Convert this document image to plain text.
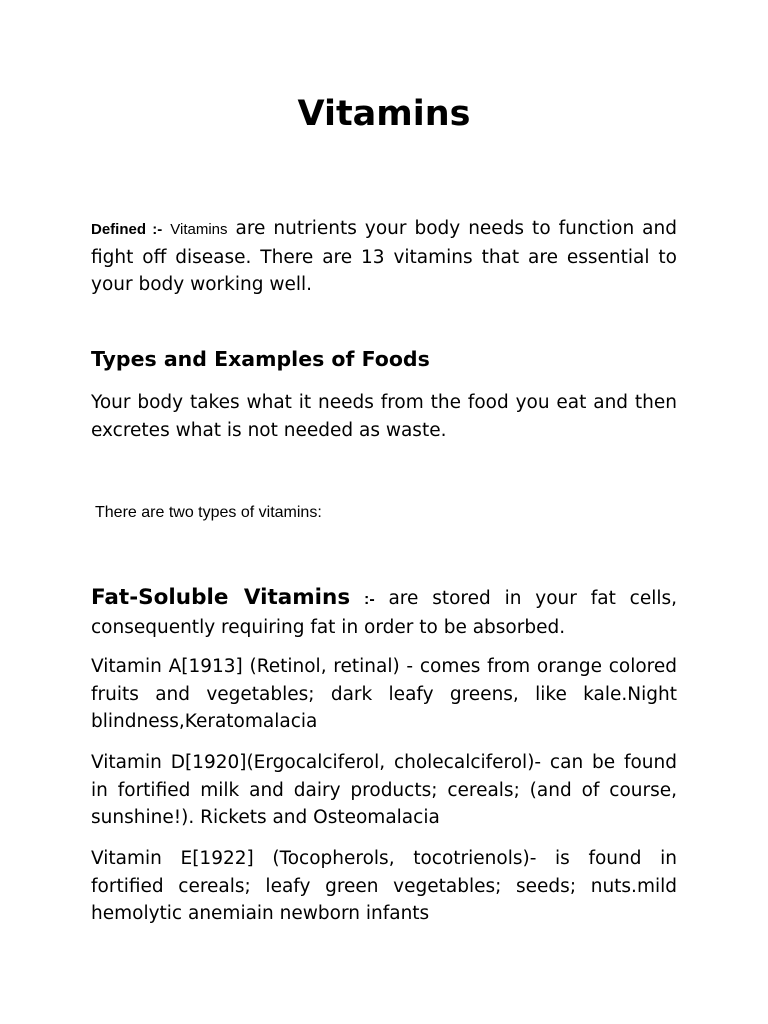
Vitamins

Defined :- Vitamins are nutrients your body needs to function and fight off disease. There are 13 vitamins that are essential to your body working well.

Types and Examples of Foods

Your body takes what it needs from the food you eat and then excretes what is not needed as waste.

There are two types of vitamins:

Fat-Soluble Vitamins :- are stored in your fat cells, consequently requiring fat in order to be absorbed.

Vitamin A[1913] (Retinol, retinal) - comes from orange colored fruits and vegetables; dark leafy greens, like kale.Night blindness,Keratomalacia

Vitamin D[1920](Ergocalciferol, cholecalciferol)- can be found in fortified milk and dairy products; cereals; (and of course, sunshine!). Rickets and Osteomalacia

Vitamin E[1922] (Tocopherols, tocotrienols)- is found in fortified cereals; leafy green vegetables; seeds; nuts.mild hemolytic anemiain newborn infants
